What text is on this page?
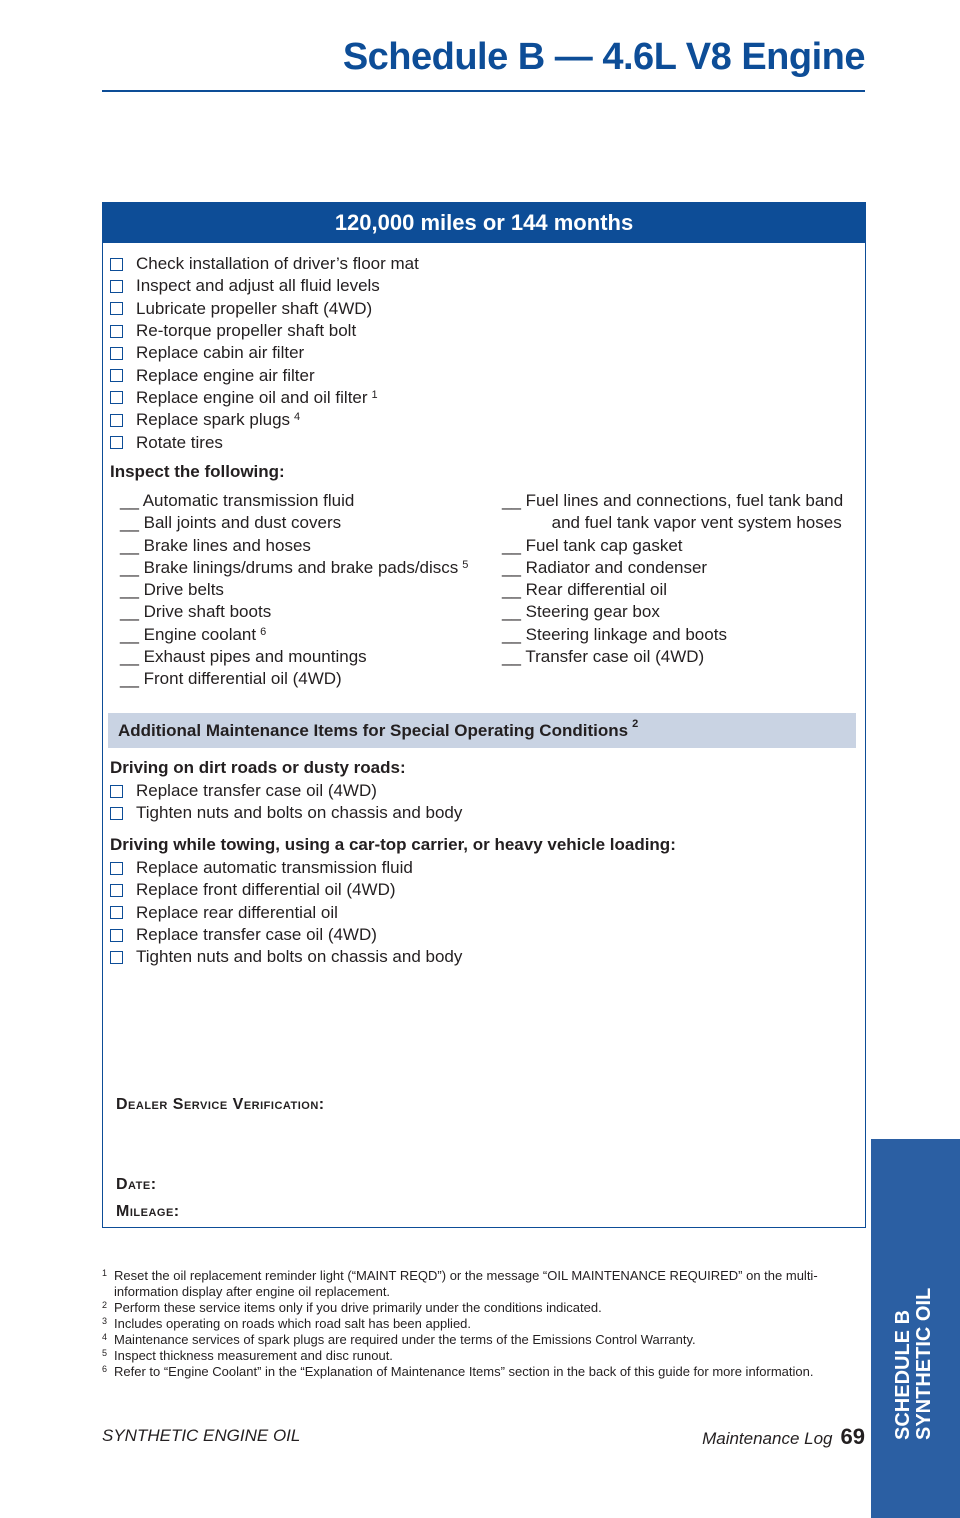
Schedule B — 4.6L V8 Engine
120,000 miles or 144 months
Check installation of driver’s floor mat
Inspect and adjust all fluid levels
Lubricate propeller shaft (4WD)
Re-torque propeller shaft bolt
Replace cabin air filter
Replace engine air filter
Replace engine oil and oil filter $^1$
Replace spark plugs $^4$
Rotate tires
Inspect the following:
__ Automatic transmission fluid
__ Ball joints and dust covers
__ Brake lines and hoses
__ Brake linings/drums and brake pads/discs $^5$
__ Drive belts
__ Drive shaft boots
__ Engine coolant $^6$
__ Exhaust pipes and mountings
__ Front differential oil (4WD)
__ Fuel lines and connections, fuel tank band
and fuel tank vapor vent system hoses
__ Fuel tank cap gasket
__ Radiator and condenser
__ Rear differential oil
__ Steering gear box
__ Steering linkage and boots
__ Transfer case oil (4WD)
Additional Maintenance Items for Special Operating Conditions $^2$
Driving on dirt roads or dusty roads:
Replace transfer case oil (4WD)
Tighten nuts and bolts on chassis and body
Driving while towing, using a car-top carrier, or heavy vehicle loading:
Replace automatic transmission fluid
Replace front differential oil (4WD)
Replace rear differential oil
Replace transfer case oil (4WD)
Tighten nuts and bolts on chassis and body
Dealer Service Verification:
Date:
Mileage:
1 Reset the oil replacement reminder light (“MAINT REQD”) or the message “OIL MAINTENANCE REQUIRED” on the multi-information display after engine oil replacement.
2 Perform these service items only if you drive primarily under the conditions indicated.
3 Includes operating on roads which road salt has been applied.
4 Maintenance services of spark plugs are required under the terms of the Emissions Control Warranty.
5 Inspect thickness measurement and disc runout.
6 Refer to “Engine Coolant” in the “Explanation of Maintenance Items” section in the back of this guide for more information.
SYNTHETIC ENGINE OIL	Maintenance Log 69 SCHEDULE B SYNTHETIC OIL
